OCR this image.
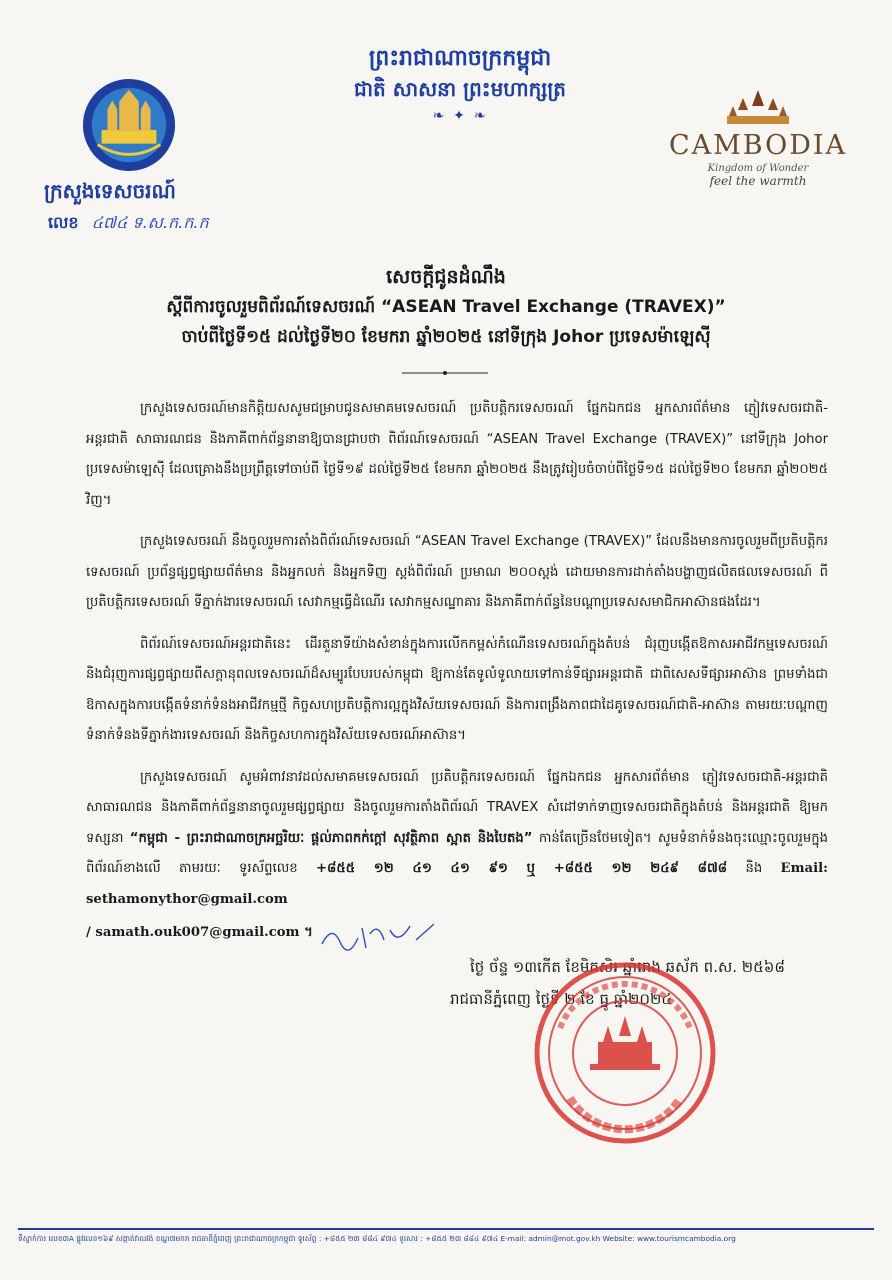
ព្រះរាជាណាចក្រកម្ពុជា
ជាតិ សាសនា ព្រះមហាក្សត្រ
❧ ✦ ❧
ក្រសួងទេសចរណ៍
លេខ ៤៧៤ ទ.ស.ក.ក.ក
CAMBODIA
Kingdom of Wonder
feel the warmth
សេចក្តីជូនដំណឹង
ស្តីពីការចូលរួមពិព័រណ៍ទេសចរណ៍ “ASEAN Travel Exchange (TRAVEX)”
ចាប់ពីថ្ងៃទី១៥ ដល់ថ្ងៃទី២០ ខែមករា ឆ្នាំ២០២៥ នៅទីក្រុង Johor ប្រទេសម៉ាឡេស៊ី

ក្រសួងទេសចរណ៍មានកិត្តិយសសូមជម្រាបជូនសមាគមទេសចរណ៍ ប្រតិបត្តិករទេសចរណ៍ ផ្នែកឯកជន អ្នកសារព័ត៌មាន ភ្ញៀវទេសចរជាតិ-អន្តរជាតិ សាធារណជន និងភាគីពាក់ព័ន្ធនានាឱ្យបានជ្រាបថា ពិព័រណ៍ទេសចរណ៍ “ASEAN Travel Exchange (TRAVEX)” នៅទីក្រុង Johor ប្រទេសម៉ាឡេស៊ី ដែលគ្រោងនឹងប្រព្រឹត្តទៅចាប់ពី ថ្ងៃទី១៩ ដល់ថ្ងៃទី២៥ ខែមករា ឆ្នាំ២០២៥ នឹងត្រូវរៀបចំចាប់ពីថ្ងៃទី១៥ ដល់ថ្ងៃទី២០ ខែមករា ឆ្នាំ២០២៥ វិញ។

ក្រសួងទេសចរណ៍ នឹងចូលរួមការតាំងពិព័រណ៍ទេសចរណ៍ “ASEAN Travel Exchange (TRAVEX)” ដែលនឹងមានការចូលរួមពីប្រតិបត្តិករទេសចរណ៍ ប្រព័ន្ធផ្សព្វផ្សាយព័ត៌មាន និងអ្នកលក់ និងអ្នកទិញ ស្តង់ពិព័រណ៍ ប្រមាណ ២០០ស្តង់ ដោយមានការដាក់តាំងបង្ហាញផលិតផលទេសចរណ៍ ពីប្រតិបត្តិករទេសចរណ៍ ទីភ្នាក់ងារទេសចរណ៍ សេវាកម្មធ្វើដំណើរ សេវាកម្មសណ្ឋាគារ និងភាគីពាក់ព័ន្ធនៃបណ្តាប្រទេសសមាជិកអាស៊ានផងដែរ។

ពិព័រណ៍ទេសចរណ៍អន្តរជាតិនេះ ដើរតួនាទីយ៉ាងសំខាន់ក្នុងការលើកកម្ពស់កំណើនទេសចរណ៍ក្នុងតំបន់ ជំរុញបង្កើតឱកាសអាជីវកម្មទេសចរណ៍ និងជំរុញការផ្សព្វផ្សាយពីសក្តានុពលទេសចរណ៍ដ៏សម្បូរបែបរបស់កម្ពុជា ឱ្យកាន់តែទូលំទូលាយទៅកាន់ទីផ្សារអន្តរជាតិ ជាពិសេសទីផ្សារអាស៊ាន ព្រមទាំងជាឱកាសក្នុងការបង្កើតទំនាក់ទំនងអាជីវកម្មថ្មី កិច្ចសហប្រតិបត្តិការល្អក្នុងវិស័យទេសចរណ៍ និងការពង្រឹងភាពជាដៃគូទេសចរណ៍ជាតិ-អាស៊ាន តាមរយៈបណ្តាញទំនាក់ទំនងទីភ្នាក់ងារទេសចរណ៍ និងកិច្ចសហការក្នុងវិស័យទេសចរណ៍អាស៊ាន។

ក្រសួងទេសចរណ៍ សូមអំពាវនាវដល់សមាគមទេសចរណ៍ ប្រតិបត្តិករទេសចរណ៍ ផ្នែកឯកជន អ្នកសារព័ត៌មាន ភ្ញៀវទេសចរជាតិ-អន្តរជាតិ សាធារណជន និងភាគីពាក់ព័ន្ធនានាចូលរួមផ្សព្វផ្សាយ និងចូលរួមការតាំងពិព័រណ៍ TRAVEX សំដៅទាក់ទាញទេសចរជាតិក្នុងតំបន់ និងអន្តរជាតិ ឱ្យមកទស្សនា “កម្ពុជា - ព្រះរាជាណាចក្រអច្ឆរិយៈ ផ្តល់ភាពកក់ក្តៅ សុវត្ថិភាព ស្អាត និងបៃតង” កាន់តែច្រើនថែមទៀត។ សូមទំនាក់ទំនងចុះឈ្មោះចូលរួមក្នុងពិព័រណ៍ខាងលើ តាមរយៈ ទូរស័ព្ទលេខ +៨៥៥ ១២ ៤១ ៤១ ៩១ ឬ +៨៥៥ ១២ ២៤៩ ៨៧៨ និង Email: sethamonythor@gmail.com

/ samath.ouk007@gmail.com ។
ថ្ងៃ ច័ន្ទ ១៣កើត ខែមិគសិរ ឆ្នាំរោង ឆស័ក ព.ស. ២៥៦៨
រាជធានីភ្នំពេញ ថ្ងៃទី ២ ខែ ធ្នូ ឆ្នាំ២០២៤
ទីស្នាក់ការ លេខ៣A ផ្លូវលេខ១៦៩ សង្កាត់វាលវង់ ខណ្ឌ៧មករា រាជធានីភ្នំពេញ ព្រះរាជាណាចក្រកម្ពុជា ទូរស័ព្ទ : +៨៥៥ ២៣ ៨៨៤ ៩៧៤ ទូរសារ : +៨៥៥ ២៣ ៨៨៤ ៩៧៤ E-mail: admin@mot.gov.kh Website: www.tourismcambodia.org
